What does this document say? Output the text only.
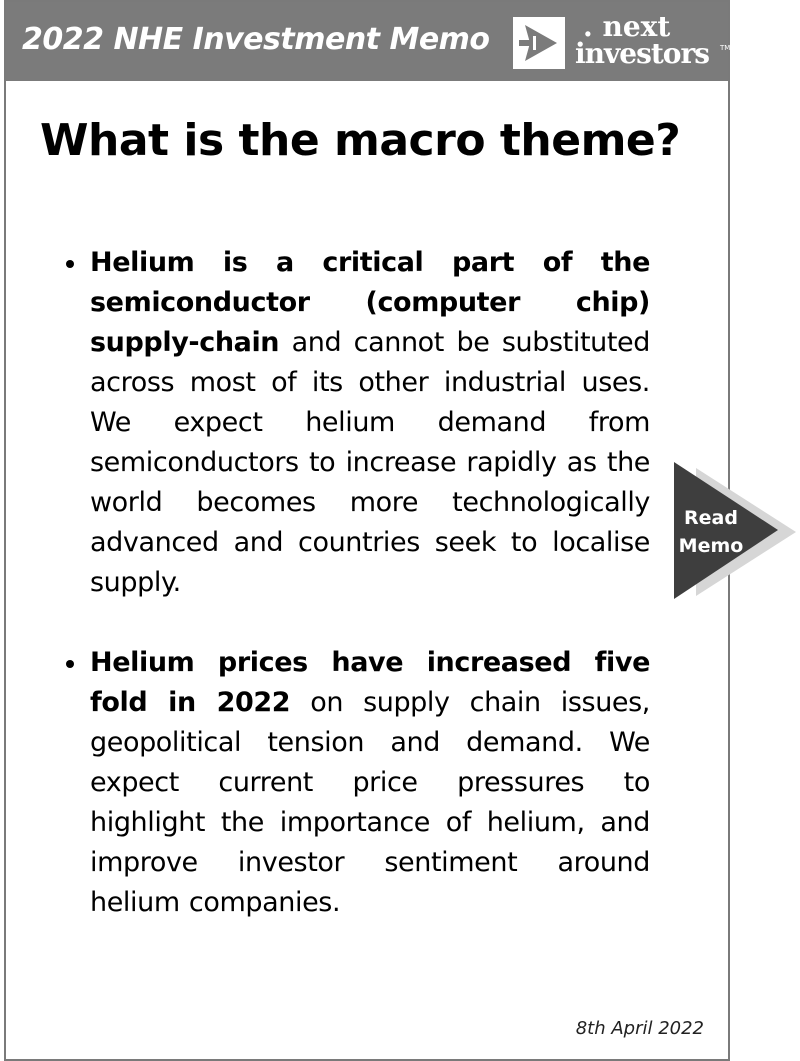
2022 NHE Investment Memo	. next
investors TM
What is the macro theme?
Helium is a critical part of the semiconductor (computer chip) supply-chain and cannot be substituted across most of its other industrial uses. We expect helium demand from semiconductors to increase rapidly as the world becomes more technologically advanced and countries seek to localise supply.
Helium prices have increased five fold in 2022 on supply chain issues, geopolitical tension and demand. We expect current price pressures to highlight the importance of helium, and improve investor sentiment around helium companies.
8th April 2022
Read
Memo
